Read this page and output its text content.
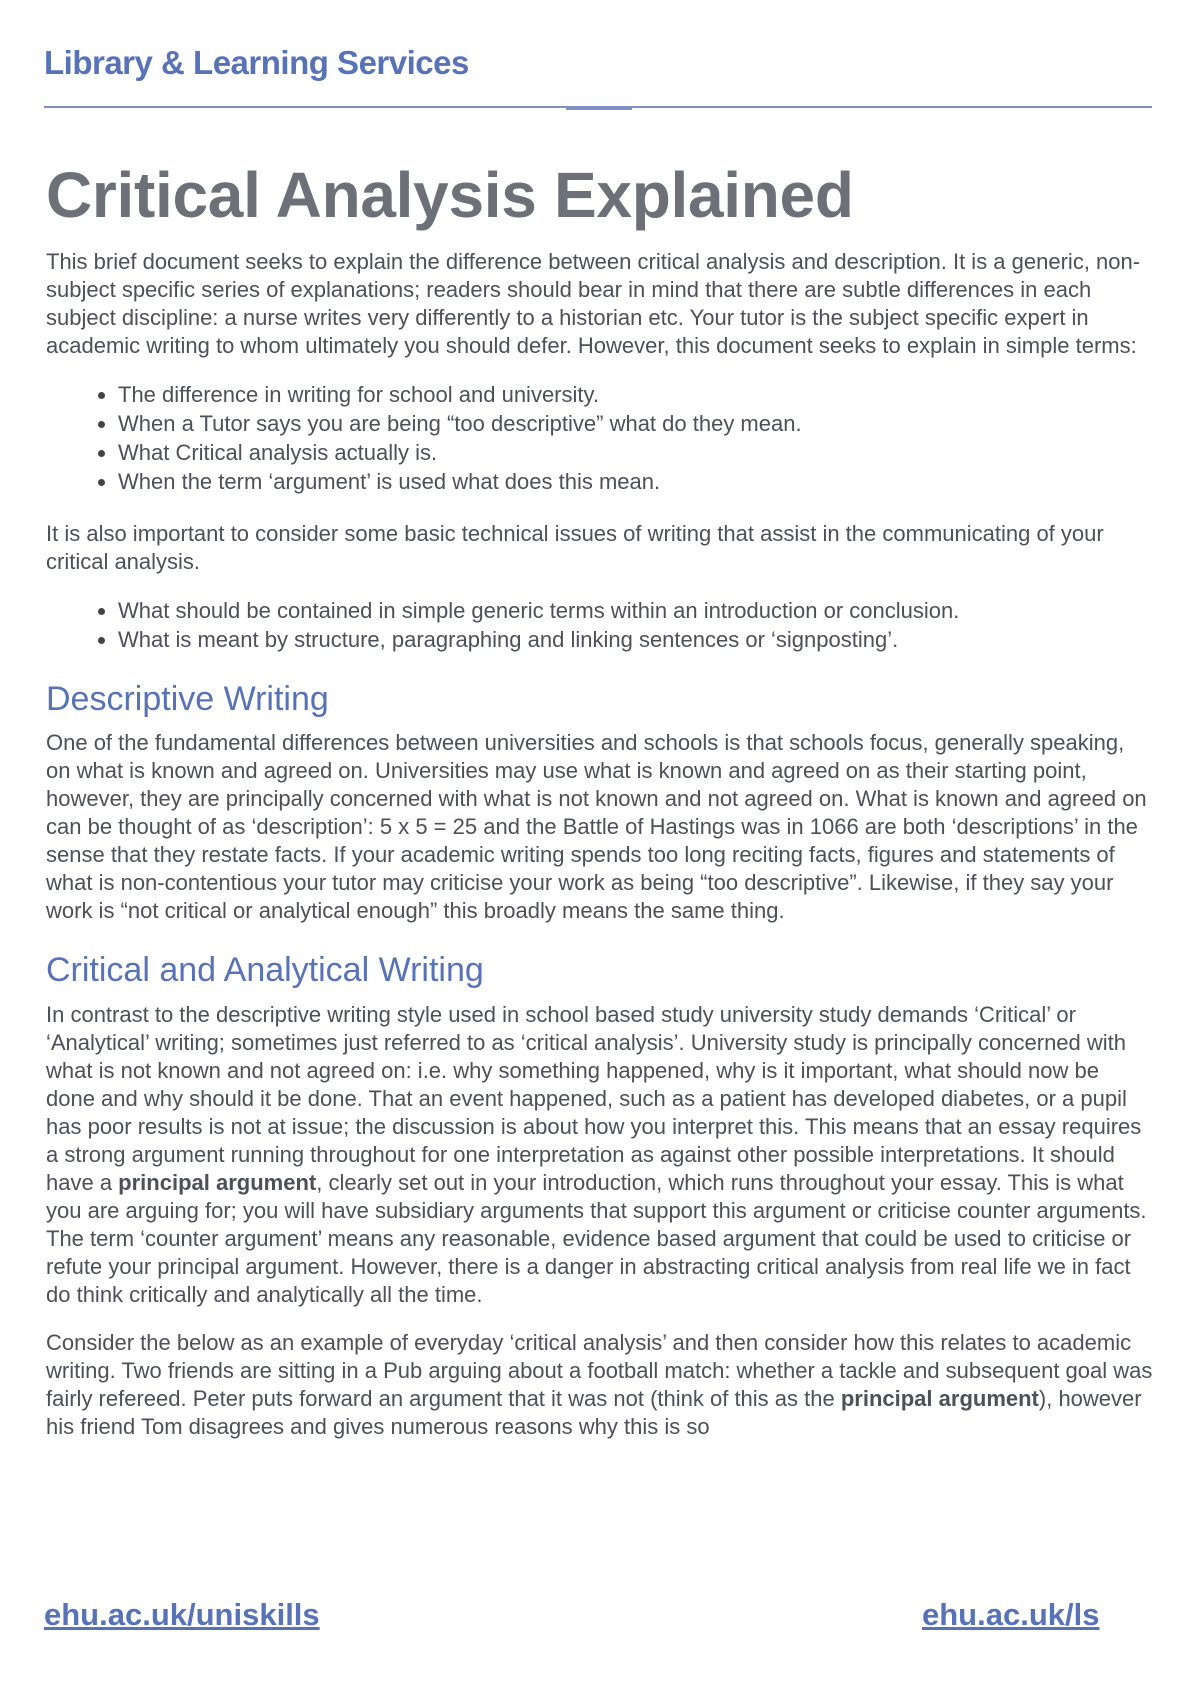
Library & Learning Services
Critical Analysis Explained

This brief document seeks to explain the difference between critical analysis and description. It is a generic, non-subject specific series of explanations; readers should bear in mind that there are subtle differences in each subject discipline: a nurse writes very differently to a historian etc. Your tutor is the subject specific expert in academic writing to whom ultimately you should defer. However, this document seeks to explain in simple terms:

• The difference in writing for school and university.
• When a Tutor says you are being “too descriptive” what do they mean.
• What Critical analysis actually is.
• When the term ‘argument’ is used what does this mean.

It is also important to consider some basic technical issues of writing that assist in the communicating of your critical analysis.

• What should be contained in simple generic terms within an introduction or conclusion.
• What is meant by structure, paragraphing and linking sentences or ‘signposting’.
Descriptive Writing

One of the fundamental differences between universities and schools is that schools focus, generally speaking, on what is known and agreed on. Universities may use what is known and agreed on as their starting point, however, they are principally concerned with what is not known and not agreed on. What is known and agreed on can be thought of as ‘description’: 5 x 5 = 25 and the Battle of Hastings was in 1066 are both ‘descriptions’ in the sense that they restate facts. If your academic writing spends too long reciting facts, figures and statements of what is non-contentious your tutor may criticise your work as being “too descriptive”. Likewise, if they say your work is “not critical or analytical enough” this broadly means the same thing.

Critical and Analytical Writing

In contrast to the descriptive writing style used in school based study university study demands ‘Critical’ or ‘Analytical’ writing; sometimes just referred to as ‘critical analysis’. University study is principally concerned with what is not known and not agreed on: i.e. why something happened, why is it important, what should now be done and why should it be done. That an event happened, such as a patient has developed diabetes, or a pupil has poor results is not at issue; the discussion is about how you interpret this. This means that an essay requires a strong argument running throughout for one interpretation as against other possible interpretations. It should have a principal argument, clearly set out in your introduction, which runs throughout your essay. This is what you are arguing for; you will have subsidiary arguments that support this argument or criticise counter arguments. The term ‘counter argument’ means any reasonable, evidence based argument that could be used to criticise or refute your principal argument. However, there is a danger in abstracting critical analysis from real life we in fact do think critically and analytically all the time.

Consider the below as an example of everyday ‘critical analysis’ and then consider how this relates to academic writing. Two friends are sitting in a Pub arguing about a football match: whether a tackle and subsequent goal was fairly refereed. Peter puts forward an argument that it was not (think of this as the principal argument), however his friend Tom disagrees and gives numerous reasons why this is so

ehu.ac.uk/uniskills	ehu.ac.uk/ls
